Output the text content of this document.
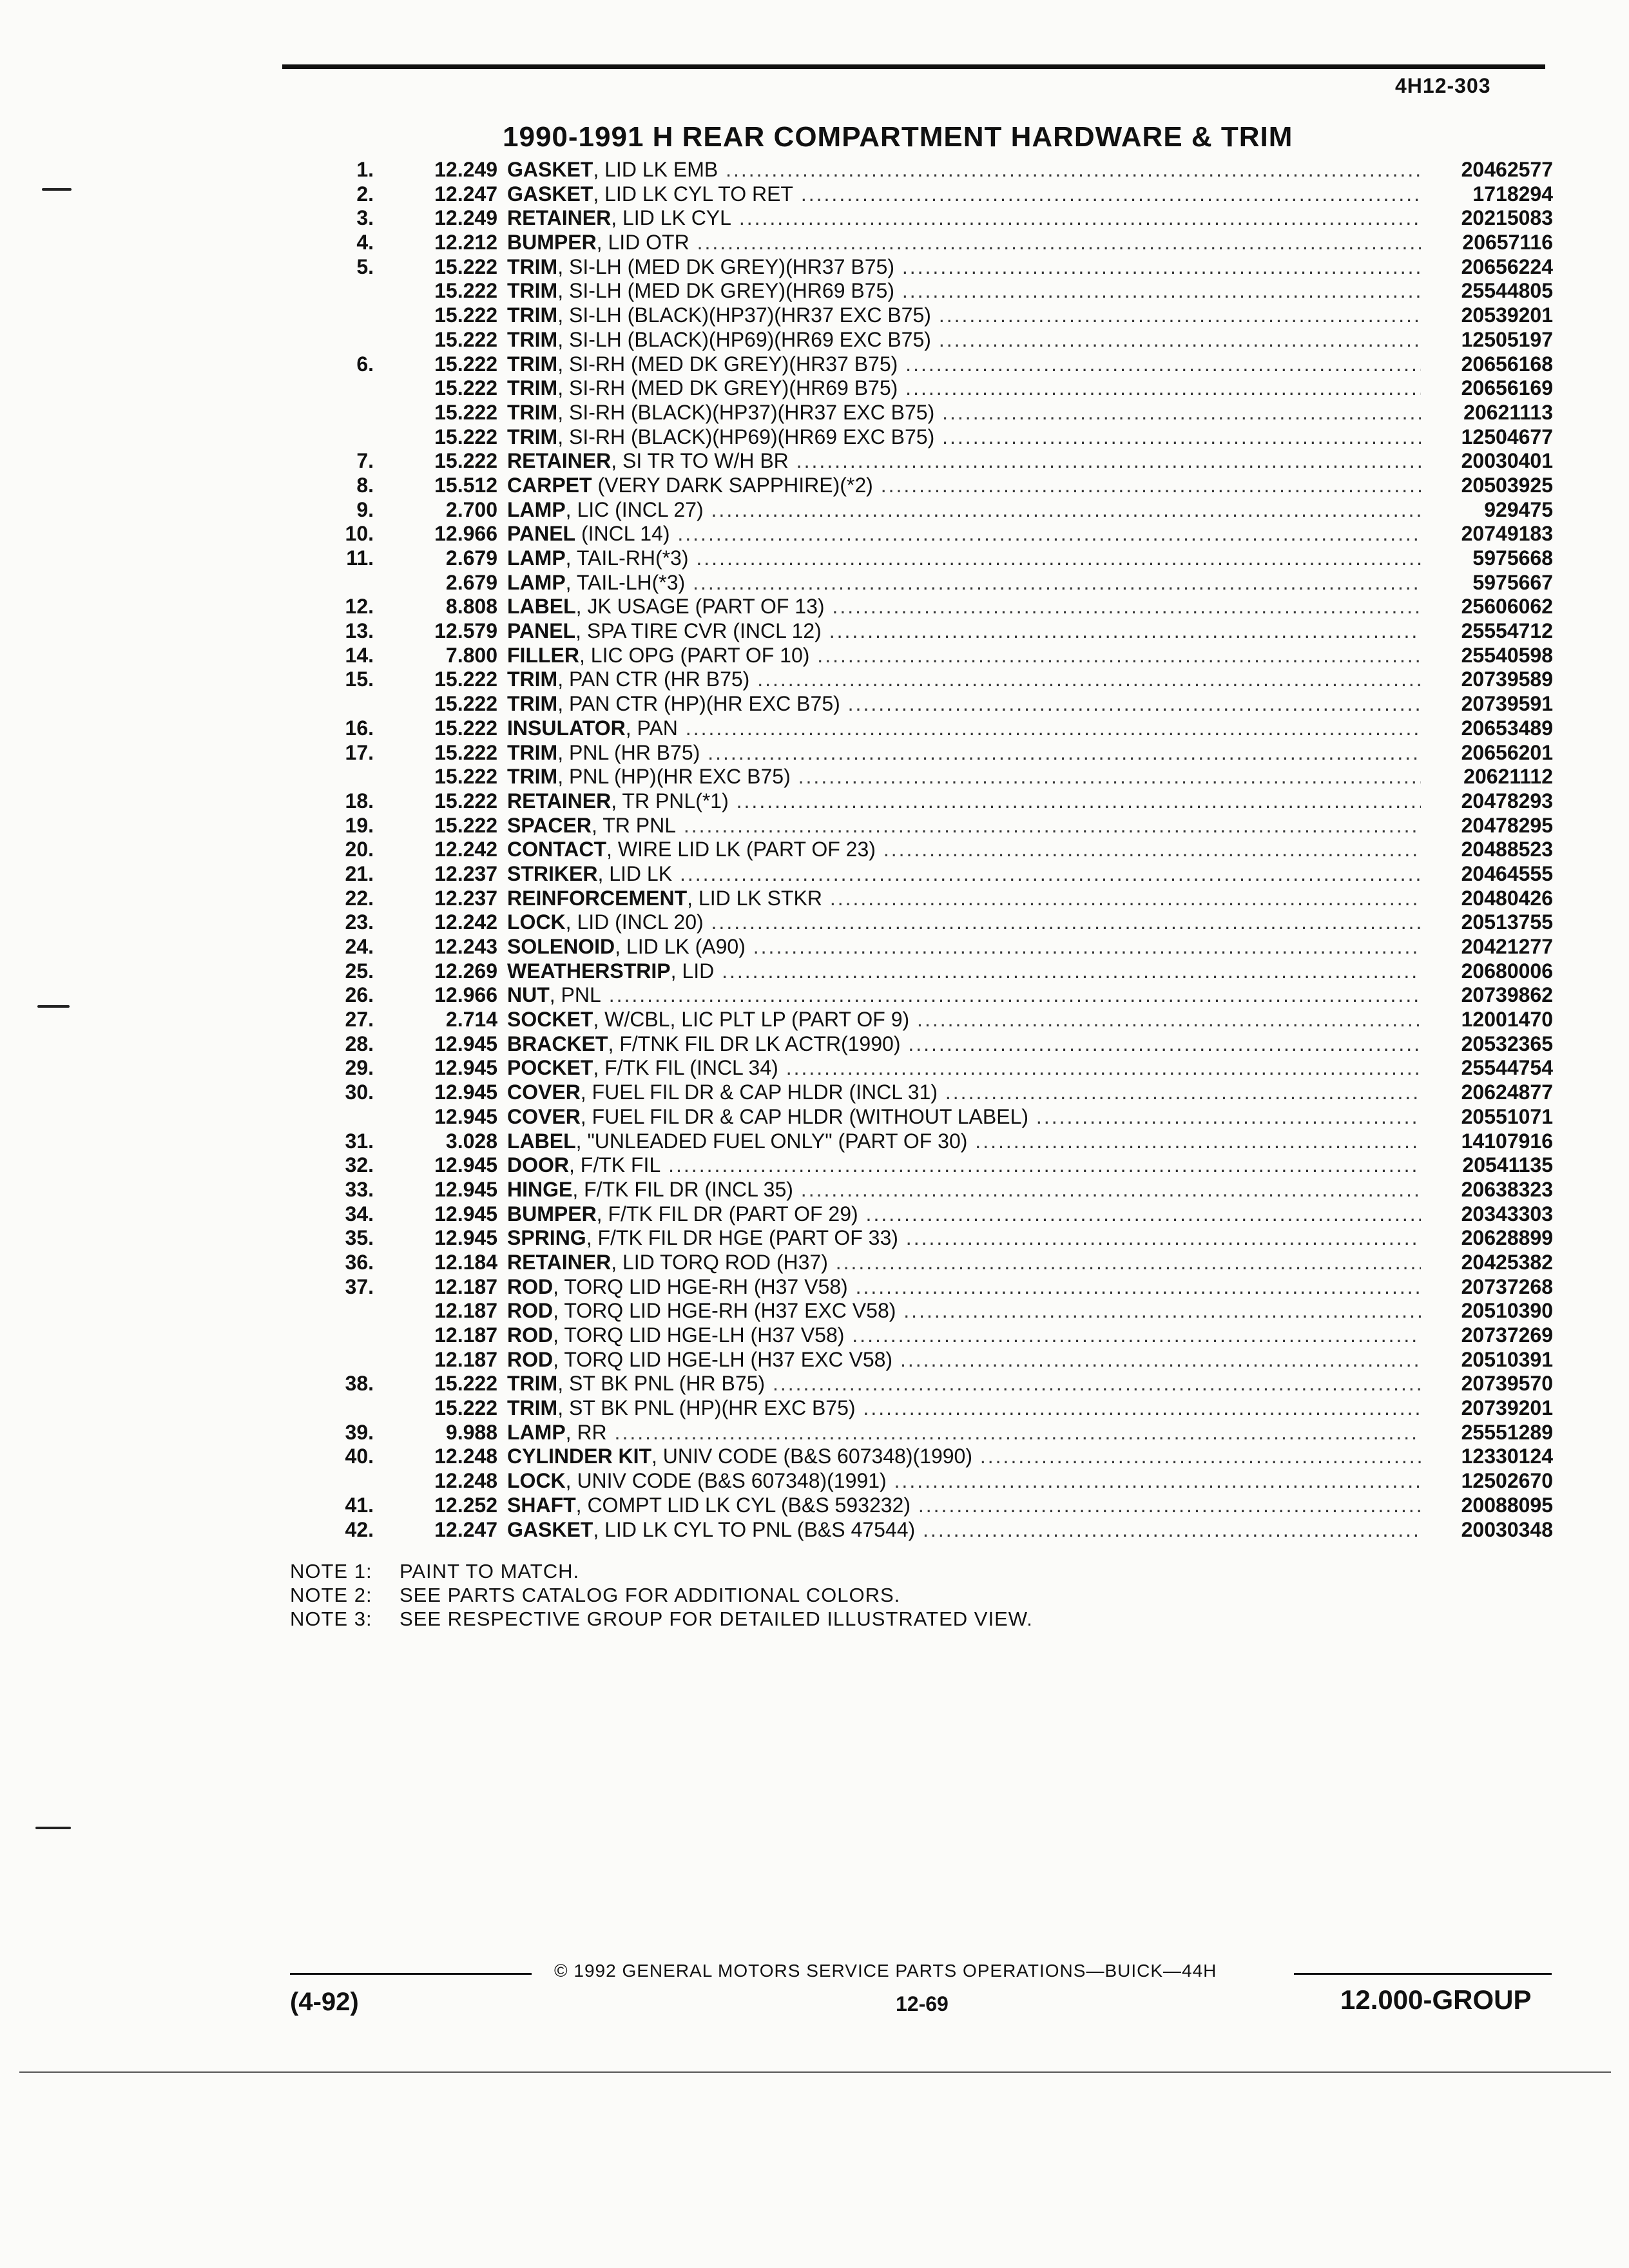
4H12-303
1990-1991 H REAR COMPARTMENT HARDWARE & TRIM
1.	12.249 GASKET, LID LK EMB .....	20462577
2.	12.247 GASKET, LID LK CYL TO RET .....	1718294
3.	12.249 RETAINER, LID LK CYL .....	20215083
4.	12.212 BUMPER, LID OTR .....	20657116
5.	15.222 TRIM, SI-LH (MED DK GREY)(HR37 B75) .....	20656224
15.222 TRIM, SI-LH (MED DK GREY)(HR69 B75) .....	25544805
15.222 TRIM, SI-LH (BLACK)(HP37)(HR37 EXC B75) .....	20539201
15.222 TRIM, SI-LH (BLACK)(HP69)(HR69 EXC B75) .....	12505197
6.	15.222 TRIM, SI-RH (MED DK GREY)(HR37 B75) .....	20656168
15.222 TRIM, SI-RH (MED DK GREY)(HR69 B75) .....	20656169
15.222 TRIM, SI-RH (BLACK)(HP37)(HR37 EXC B75) .....	20621113
15.222 TRIM, SI-RH (BLACK)(HP69)(HR69 EXC B75) .....	12504677
7.	15.222 RETAINER, SI TR TO W/H BR .....	20030401
8.	15.512 CARPET (VERY DARK SAPPHIRE)(*2) .....	20503925
9.	2.700 LAMP, LIC (INCL 27) .....	929475
10.	12.966 PANEL (INCL 14) .....	20749183
11.	2.679 LAMP, TAIL-RH(*3) .....	5975668
2.679 LAMP, TAIL-LH(*3) .....	5975667
12.	8.808 LABEL, JK USAGE (PART OF 13) .....	25606062
13.	12.579 PANEL, SPA TIRE CVR (INCL 12) .....	25554712
14.	7.800 FILLER, LIC OPG (PART OF 10) .....	25540598
15.	15.222 TRIM, PAN CTR (HR B75) .....	20739589
15.222 TRIM, PAN CTR (HP)(HR EXC B75) .....	20739591
16.	15.222 INSULATOR, PAN .....	20653489
17.	15.222 TRIM, PNL (HR B75) .....	20656201
15.222 TRIM, PNL (HP)(HR EXC B75) .....	20621112
18.	15.222 RETAINER, TR PNL(*1) .....	20478293
19.	15.222 SPACER, TR PNL .....	20478295
20.	12.242 CONTACT, WIRE LID LK (PART OF 23) .....	20488523
21.	12.237 STRIKER, LID LK .....	20464555
22.	12.237 REINFORCEMENT, LID LK STKR .....	20480426
23.	12.242 LOCK, LID (INCL 20) .....	20513755
24.	12.243 SOLENOID, LID LK (A90) .....	20421277
25.	12.269 WEATHERSTRIP, LID .....	20680006
26.	12.966 NUT, PNL .....	20739862
27.	2.714 SOCKET, W/CBL, LIC PLT LP (PART OF 9) .....	12001470
28.	12.945 BRACKET, F/TNK FIL DR LK ACTR(1990) .....	20532365
29.	12.945 POCKET, F/TK FIL (INCL 34) .....	25544754
30.	12.945 COVER, FUEL FIL DR & CAP HLDR (INCL 31) .....	20624877
12.945 COVER, FUEL FIL DR & CAP HLDR (WITHOUT LABEL) .....	20551071
31.	3.028 LABEL, "UNLEADED FUEL ONLY" (PART OF 30) .....	14107916
32.	12.945 DOOR, F/TK FIL .....	20541135
33.	12.945 HINGE, F/TK FIL DR (INCL 35) .....	20638323
34.	12.945 BUMPER, F/TK FIL DR (PART OF 29) .....	20343303
35.	12.945 SPRING, F/TK FIL DR HGE (PART OF 33) .....	20628899
36.	12.184 RETAINER, LID TORQ ROD (H37) .....	20425382
37.	12.187 ROD, TORQ LID HGE-RH (H37 V58) .....	20737268
12.187 ROD, TORQ LID HGE-RH (H37 EXC V58) .....	20510390
12.187 ROD, TORQ LID HGE-LH (H37 V58) .....	20737269
12.187 ROD, TORQ LID HGE-LH (H37 EXC V58) .....	20510391
38.	15.222 TRIM, ST BK PNL (HR B75) .....	20739570
15.222 TRIM, ST BK PNL (HP)(HR EXC B75) .....	20739201
39.	9.988 LAMP, RR .....	25551289
40.	12.248 CYLINDER KIT, UNIV CODE (B&S 607348)(1990) .....	12330124
12.248 LOCK, UNIV CODE (B&S 607348)(1991) .....	12502670
41.	12.252 SHAFT, COMPT LID LK CYL (B&S 593232) .....	20088095
42.	12.247 GASKET, LID LK CYL TO PNL (B&S 47544) .....	20030348
NOTE 1: PAINT TO MATCH.
NOTE 2: SEE PARTS CATALOG FOR ADDITIONAL COLORS.
NOTE 3: SEE RESPECTIVE GROUP FOR DETAILED ILLUSTRATED VIEW.
© 1992 GENERAL MOTORS SERVICE PARTS OPERATIONS—BUICK—44H
(4-92)	12-69	12.000-GROUP
